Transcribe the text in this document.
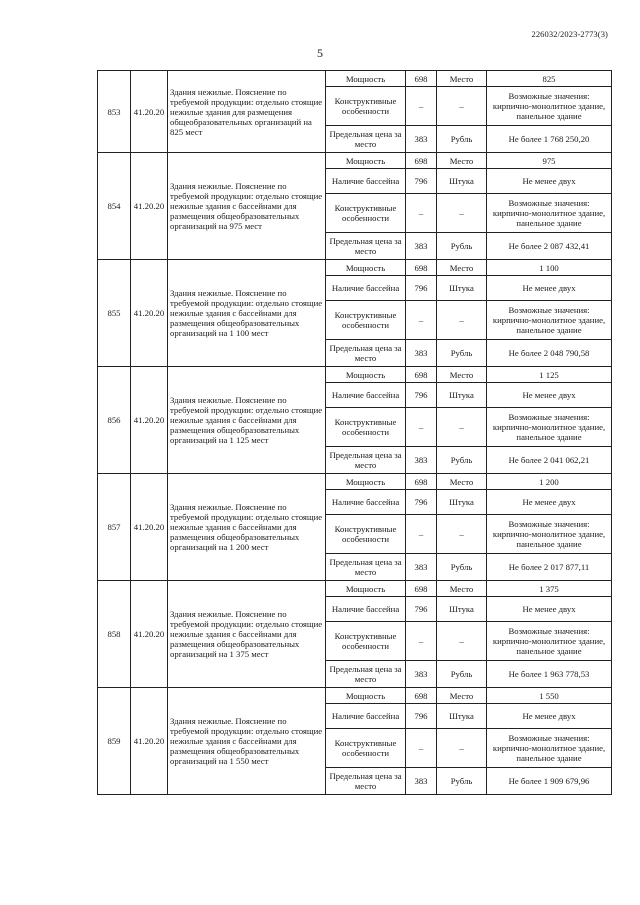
226032/2023-2773(3)
5
853	41.20.20	Здания нежилые. Пояснение по требуемой продукции: отдельно стоящие нежилые здания для размещения общеобразовательных организаций на 825 мест	Мощность	698	Место	825
			Конструктивные особенности	–	–	Возможные значения: кирпично-монолитное здание, панельное здание
			Предельная цена за место	383	Рубль	Не более 1 768 250,20
854	41.20.20	Здания нежилые. Пояснение по требуемой продукции: отдельно стоящие нежилые здания с бассейнами для размещения общеобразовательных организаций на 975 мест	Мощность	698	Место	975
			Наличие бассейна	796	Штука	Не менее двух
			Конструктивные особенности	–	–	Возможные значения: кирпично-монолитное здание, панельное здание
			Предельная цена за место	383	Рубль	Не более 2 087 432,41
855	41.20.20	Здания нежилые. Пояснение по требуемой продукции: отдельно стоящие нежилые здания с бассейнами для размещения общеобразовательных организаций на 1 100 мест	Мощность	698	Место	1 100
			Наличие бассейна	796	Штука	Не менее двух
			Конструктивные особенности	–	–	Возможные значения: кирпично-монолитное здание, панельное здание
			Предельная цена за место	383	Рубль	Не более 2 048 790,58
856	41.20.20	Здания нежилые. Пояснение по требуемой продукции: отдельно стоящие нежилые здания с бассейнами для размещения общеобразовательных организаций на 1 125 мест	Мощность	698	Место	1 125
			Наличие бассейна	796	Штука	Не менее двух
			Конструктивные особенности	–	–	Возможные значения: кирпично-монолитное здание, панельное здание
			Предельная цена за место	383	Рубль	Не более 2 041 062,21
857	41.20.20	Здания нежилые. Пояснение по требуемой продукции: отдельно стоящие нежилые здания с бассейнами для размещения общеобразовательных организаций на 1 200 мест	Мощность	698	Место	1 200
			Наличие бассейна	796	Штука	Не менее двух
			Конструктивные особенности	–	–	Возможные значения: кирпично-монолитное здание, панельное здание
			Предельная цена за место	383	Рубль	Не более 2 017 877,11
858	41.20.20	Здания нежилые. Пояснение по требуемой продукции: отдельно стоящие нежилые здания с бассейнами для размещения общеобразовательных организаций на 1 375 мест	Мощность	698	Место	1 375
			Наличие бассейна	796	Штука	Не менее двух
			Конструктивные особенности	–	–	Возможные значения: кирпично-монолитное здание, панельное здание
			Предельная цена за место	383	Рубль	Не более 1 963 778,53
859	41.20.20	Здания нежилые. Пояснение по требуемой продукции: отдельно стоящие нежилые здания с бассейнами для размещения общеобразовательных организаций на 1 550 мест	Мощность	698	Место	1 550
			Наличие бассейна	796	Штука	Не менее двух
			Конструктивные особенности	–	–	Возможные значения: кирпично-монолитное здание, панельное здание
			Предельная цена за место	383	Рубль	Не более 1 909 679,96
